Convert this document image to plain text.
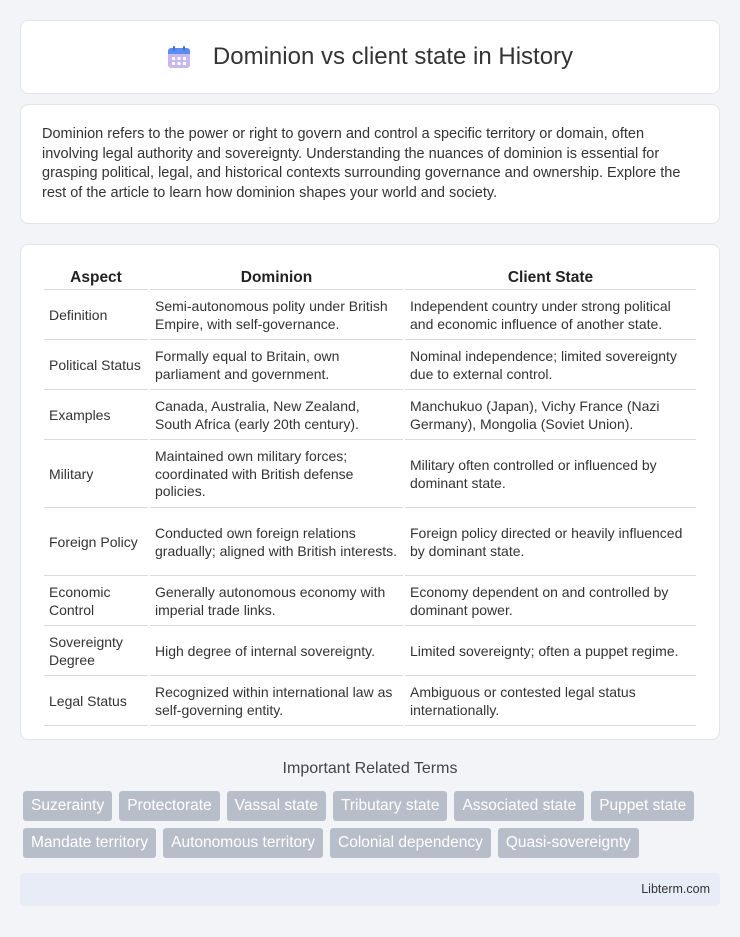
Dominion vs client state in History

Dominion refers to the power or right to govern and control a specific territory or domain, often involving legal authority and sovereignty. Understanding the nuances of dominion is essential for grasping political, legal, and historical contexts surrounding governance and ownership. Explore the rest of the article to learn how dominion shapes your world and society.

Aspect	Dominion	Client State
Definition	Semi-autonomous polity under British Empire, with self-governance.	Independent country under strong political and economic influence of another state.
Political Status	Formally equal to Britain, own parliament and government.	Nominal independence; limited sovereignty due to external control.
Examples	Canada, Australia, New Zealand, South Africa (early 20th century).	Manchukuo (Japan), Vichy France (Nazi Germany), Mongolia (Soviet Union).
Military	Maintained own military forces; coordinated with British defense policies.	Military often controlled or influenced by dominant state.
Foreign Policy	Conducted own foreign relations gradually; aligned with British interests.	Foreign policy directed or heavily influenced by dominant state.
Economic Control	Generally autonomous economy with imperial trade links.	Economy dependent on and controlled by dominant power.
Sovereignty Degree	High degree of internal sovereignty.	Limited sovereignty; often a puppet regime.
Legal Status	Recognized within international law as self-governing entity.	Ambiguous or contested legal status internationally.
Important Related Terms
Suzerainty	Protectorate	Vassal state	Tributary state	Associated state	Puppet state
Mandate territory	Autonomous territory	Colonial dependency	Quasi-sovereignty
Libterm.com
